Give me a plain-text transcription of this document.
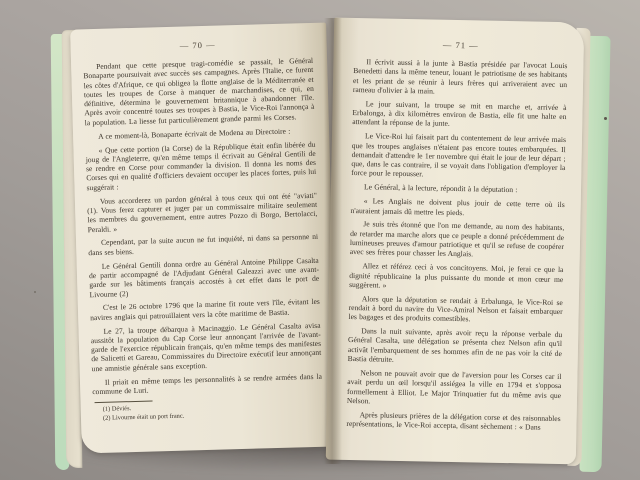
— 70 —

Pendant que cette presque tragi-comédie se passait, le Général Bonaparte poursuivait avec succès ses campagnes. Après l'Italie, ce furent les côtes d'Afrique, ce qui obligea la flotte anglaise de la Méditerranée et toutes les troupes de Corse à manquer de marchandises, ce qui, en définitive, détermina le gouvernement britannique à abandonner l'île. Après avoir concentré toutes ses troupes à Bastia, le Vice-Roi l'annonça à la population. La liesse fut particulièrement grande parmi les Corses.

A ce moment-là, Bonaparte écrivait de Modena au Directoire :

« Que cette portion (la Corse) de la République était enfin libérée du joug de l'Angleterre, qu'en même temps il écrivait au Général Gentili de se rendre en Corse pour commander la division. Il donna les noms des Corses qui en qualité d'officiers devaient occuper les places fortes, puis lui suggérait :

Vous accorderez un pardon général à tous ceux qui ont été "aviati" (1). Vous ferez capturer et juger par un commissaire militaire seulement les membres du gouvernement, entre autres Pozzo di Borgo, Bertolacci, Peraldi. »

Cependant, par la suite aucun ne fut inquiété, ni dans sa personne ni dans ses biens.

Le Général Gentili donna ordre au Général Antoine Philippe Casalta de partir accompagné de l'Adjudant Général Galeazzi avec une avant-garde sur les bâtiments français accostés à cet effet dans le port de Livourne (2)

C'est le 26 octobre 1796 que la marine fit route vers l'île, évitant les navires anglais qui patrouillaient vers la côte maritime de Bastia.

Le 27, la troupe débarqua à Macinaggio. Le Général Casalta avisa aussitôt la population du Cap Corse leur annonçant l'arrivée de l'avant-garde de l'exercice républicain français, qu'en même temps des manifestes de Salicetti et Gareau, Commissaires du Directoire exécutif leur annonçant une amnistie générale sans exception.

Il priait en même temps les personnalités à se rendre armées dans la commune de Luri.

(1) Déviés.

(2) Livourne était un port franc.

— 71 —

Il écrivit aussi à la junte à Bastia présidée par l'avocat Louis Benedetti dans la même teneur, louant le patriotisme de ses habitants et les priant de se réunir à leurs frères qui arriveraient avec un rameau d'olivier à la main.

Le jour suivant, la troupe se mit en marche et, arrivée à Erbalonga, à dix kilomètres environ de Bastia, elle fit une halte en attendant la réponse de la junte.

Le Vice-Roi lui faisait part du contentement de leur arrivée mais que les troupes anglaises n'étaient pas encore toutes embarquées. Il demandait d'attendre le 1er novembre qui était le jour de leur départ ; que, dans le cas contraire, il se voyait dans l'obligation d'employer la force pour le repousser.

Le Général, à la lecture, répondit à la députation :

« Les Anglais ne doivent plus jouir de cette terre où ils n'auraient jamais dû mettre les pieds.

Je suis très étonné que l'on me demande, au nom des habitants, de retarder ma marche alors que ce peuple a donné précédemment de lumineuses preuves d'amour patriotique et qu'il se refuse de coopérer avec ses frères pour chasser les Anglais.

Allez et référez ceci à vos concitoyens. Moi, je ferai ce que la dignité républicaine la plus puissante du monde et mon cœur me suggèrent. »

Alors que la députation se rendait à Erbalunga, le Vice-Roi se rendait à bord du navire du Vice-Amiral Nelson et faisait embarquer les bagages et des produits comestibles.

Dans la nuit suivante, après avoir reçu la réponse verbale du Général Casalta, une délégation se présenta chez Nelson afin qu'il activât l'embarquement de ses hommes afin de ne pas voir la cité de Bastia détruite.

Nelson ne pouvait avoir que de l'aversion pour les Corses car il avait perdu un œil lorsqu'il assiégea la ville en 1794 et s'opposa formellement à Elliot. Le Major Trinquatier fut du même avis que Nelson.

Après plusieurs prières de la délégation corse et des raisonnables représentations, le Vice-Roi accepta, disant sèchement : « Dans
